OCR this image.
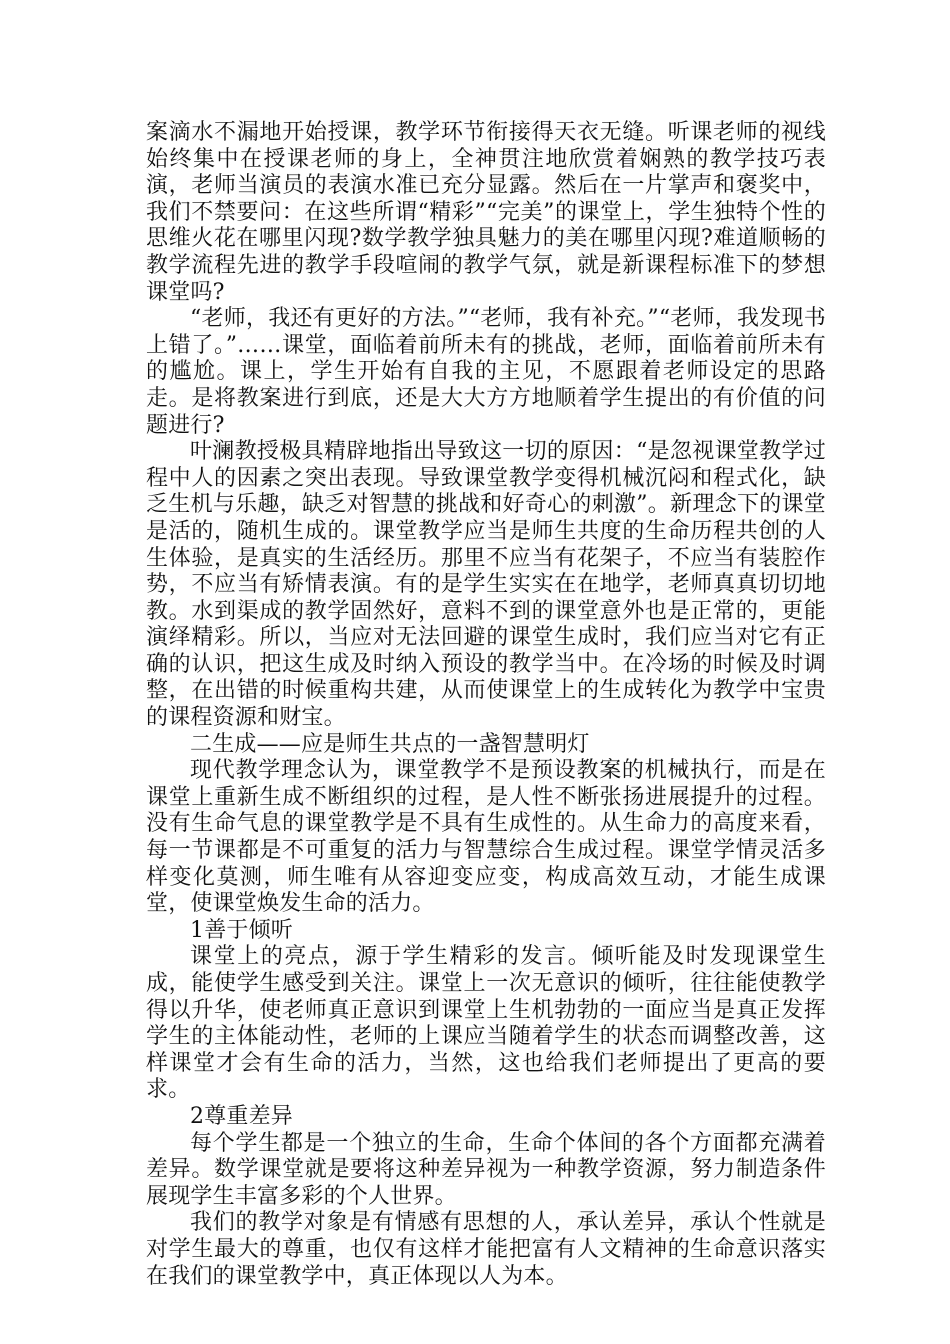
案滴水不漏地开始授课，教学环节衔接得天衣无缝。听课老师的视线始终集中在授课老师的身上，全神贯注地欣赏着娴熟的教学技巧表演，老师当演员的表演水准已充分显露。然后在一片掌声和褒奖中，我们不禁要问：在这些所谓“精彩”“完美”的课堂上，学生独特个性的思维火花在哪里闪现?数学教学独具魅力的美在哪里闪现?难道顺畅的教学流程先进的教学手段喧闹的教学气氛，就是新课程标准下的梦想课堂吗?

“老师，我还有更好的方法。”“老师，我有补充。”“老师，我发现书上错了。”……课堂，面临着前所未有的挑战，老师，面临着前所未有的尴尬。课上，学生开始有自我的主见，不愿跟着老师设定的思路走。是将教案进行到底，还是大大方方地顺着学生提出的有价值的问题进行?

叶澜教授极具精辟地指出导致这一切的原因：“是忽视课堂教学过程中人的因素之突出表现。导致课堂教学变得机械沉闷和程式化，缺乏生机与乐趣，缺乏对智慧的挑战和好奇心的刺激”。新理念下的课堂是活的，随机生成的。课堂教学应当是师生共度的生命历程共创的人生体验，是真实的生活经历。那里不应当有花架子，不应当有装腔作势，不应当有矫情表演。有的是学生实实在在地学，老师真真切切地教。水到渠成的教学固然好，意料不到的课堂意外也是正常的，更能演绎精彩。所以，当应对无法回避的课堂生成时，我们应当对它有正确的认识，把这生成及时纳入预设的教学当中。在冷场的时候及时调整，在出错的时候重构共建，从而使课堂上的生成转化为教学中宝贵的课程资源和财宝。

二生成——应是师生共点的一盏智慧明灯

现代教学理念认为，课堂教学不是预设教案的机械执行，而是在课堂上重新生成不断组织的过程，是人性不断张扬进展提升的过程。没有生命气息的课堂教学是不具有生成性的。从生命力的高度来看，每一节课都是不可重复的活力与智慧综合生成过程。课堂学情灵活多样变化莫测，师生唯有从容迎变应变，构成高效互动，才能生成课堂，使课堂焕发生命的活力。

1善于倾听

课堂上的亮点，源于学生精彩的发言。倾听能及时发现课堂生成，能使学生感受到关注。课堂上一次无意识的倾听，往往能使教学得以升华，使老师真正意识到课堂上生机勃勃的一面应当是真正发挥学生的主体能动性，老师的上课应当随着学生的状态而调整改善，这样课堂才会有生命的活力，当然，这也给我们老师提出了更高的要求。

2尊重差异

每个学生都是一个独立的生命，生命个体间的各个方面都充满着差异。数学课堂就是要将这种差异视为一种教学资源，努力制造条件展现学生丰富多彩的个人世界。

我们的教学对象是有情感有思想的人，承认差异，承认个性就是对学生最大的尊重，也仅有这样才能把富有人文精神的生命意识落实在我们的课堂教学中，真正体现以人为本。
